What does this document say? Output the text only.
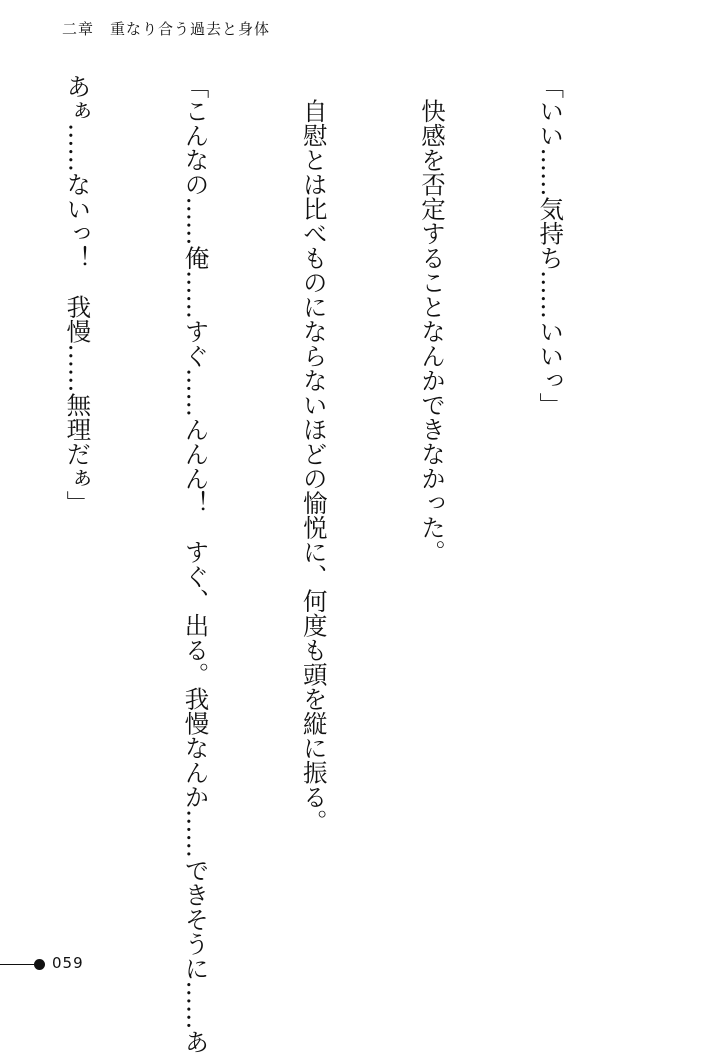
二章　重なり合う過去と身体

「いい……気持ち……いいっ」

　快感を否定することなんかできなかった。

　自慰とは比べものにならないほどの愉悦に、何度も頭を縦に振る。

「こんなの……俺……すぐ……んんん！　すぐ、出る。我慢なんか……できそうに……あ

あぁ……ないっ！　我慢……無理だぁ」

059
